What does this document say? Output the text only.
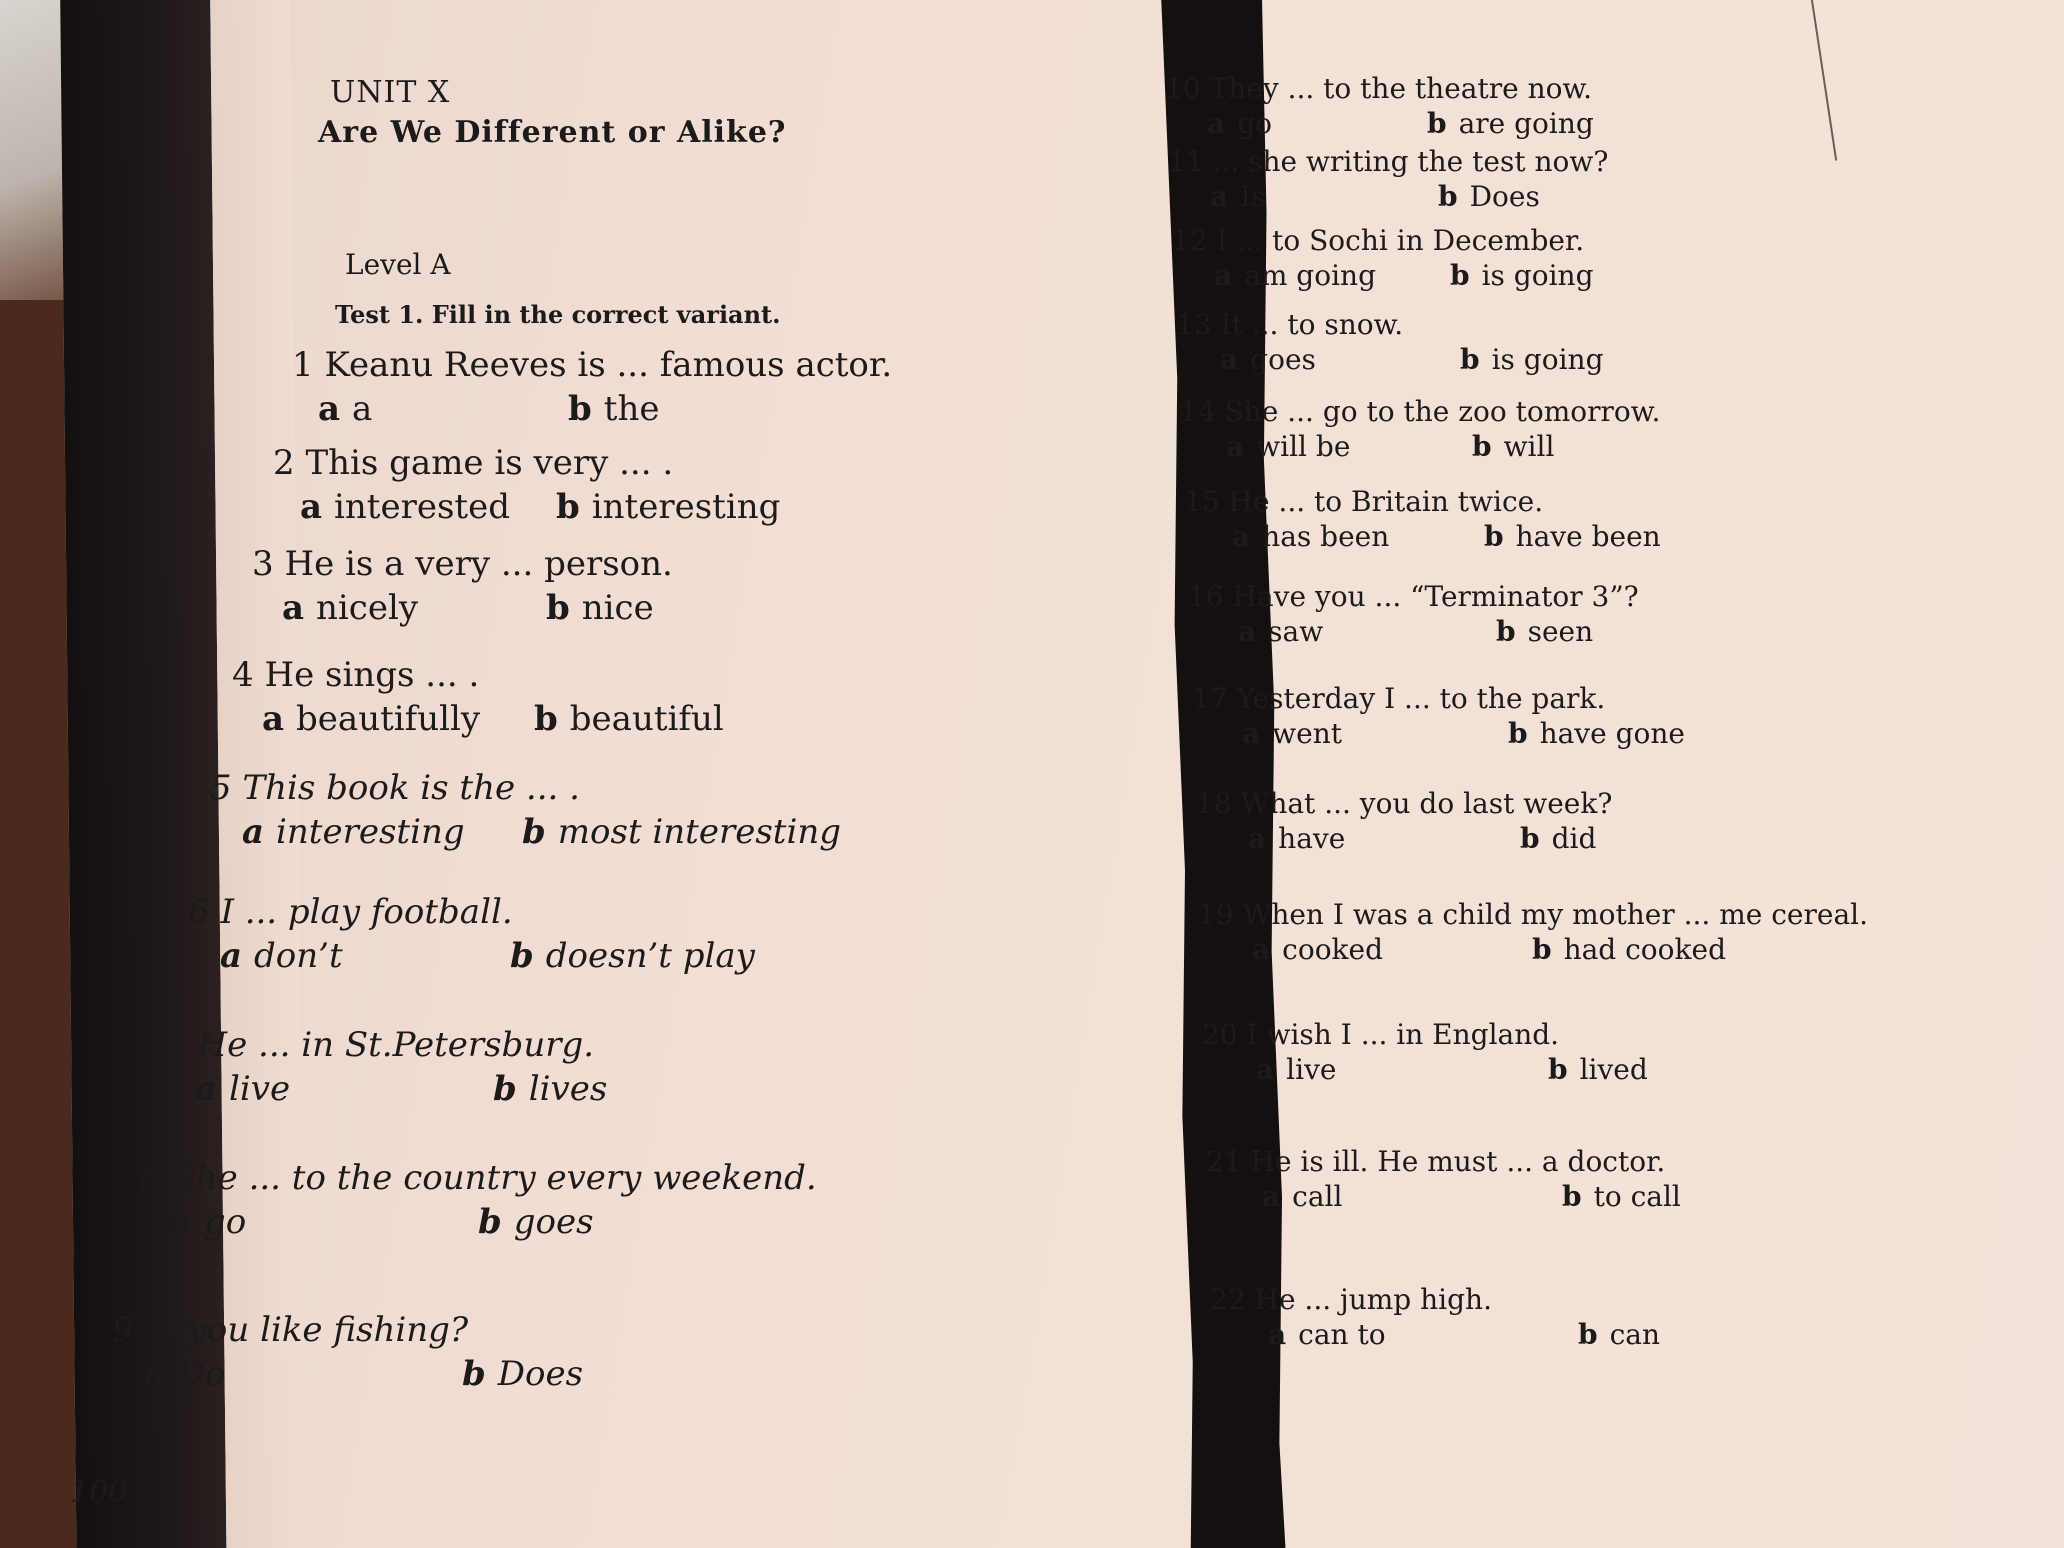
UNIT X
Are We Different or Alike?
Level A
Test 1. Fill in the correct variant.
1 Keanu Reeves is ... famous actor.
a a	b the
2 This game is very ... .
a interested b interesting
3 He is a very ... person.
a nicely	b nice
4 He sings ... .
a beautifully b beautiful
5 This book is the ... .
a interesting b most interesting
6 I ... play football.
a don’t	b doesn’t play
7 He ... in St.Petersburg.
a live	b lives
8 She ... to the country every weekend.
a go	b goes
9 ... you like fishing?
a Do	b Does
10 They ... to the theatre now.
a go	b are going
11 ... she writing the test now?
a Is	b Does
12 I ... to Sochi in December.
a am going	b is going
13 It ... to snow.
a goes	b is going
14 She ... go to the zoo tomorrow.
a will be	b will
15 He ... to Britain twice.
a has been	b have been
16 Have you ... “Terminator 3”?
a saw	b seen
17 Yesterday I ... to the park.
a went	b have gone
18 What ... you do last week?
a have	b did
19 When I was a child my mother ... me cereal.
a cooked	b had cooked
20 I wish I ... in England.
a live	b lived
21 He is ill. He must ... a doctor.
a call	b to call
22 He ... jump high.
a can to	b can
100
